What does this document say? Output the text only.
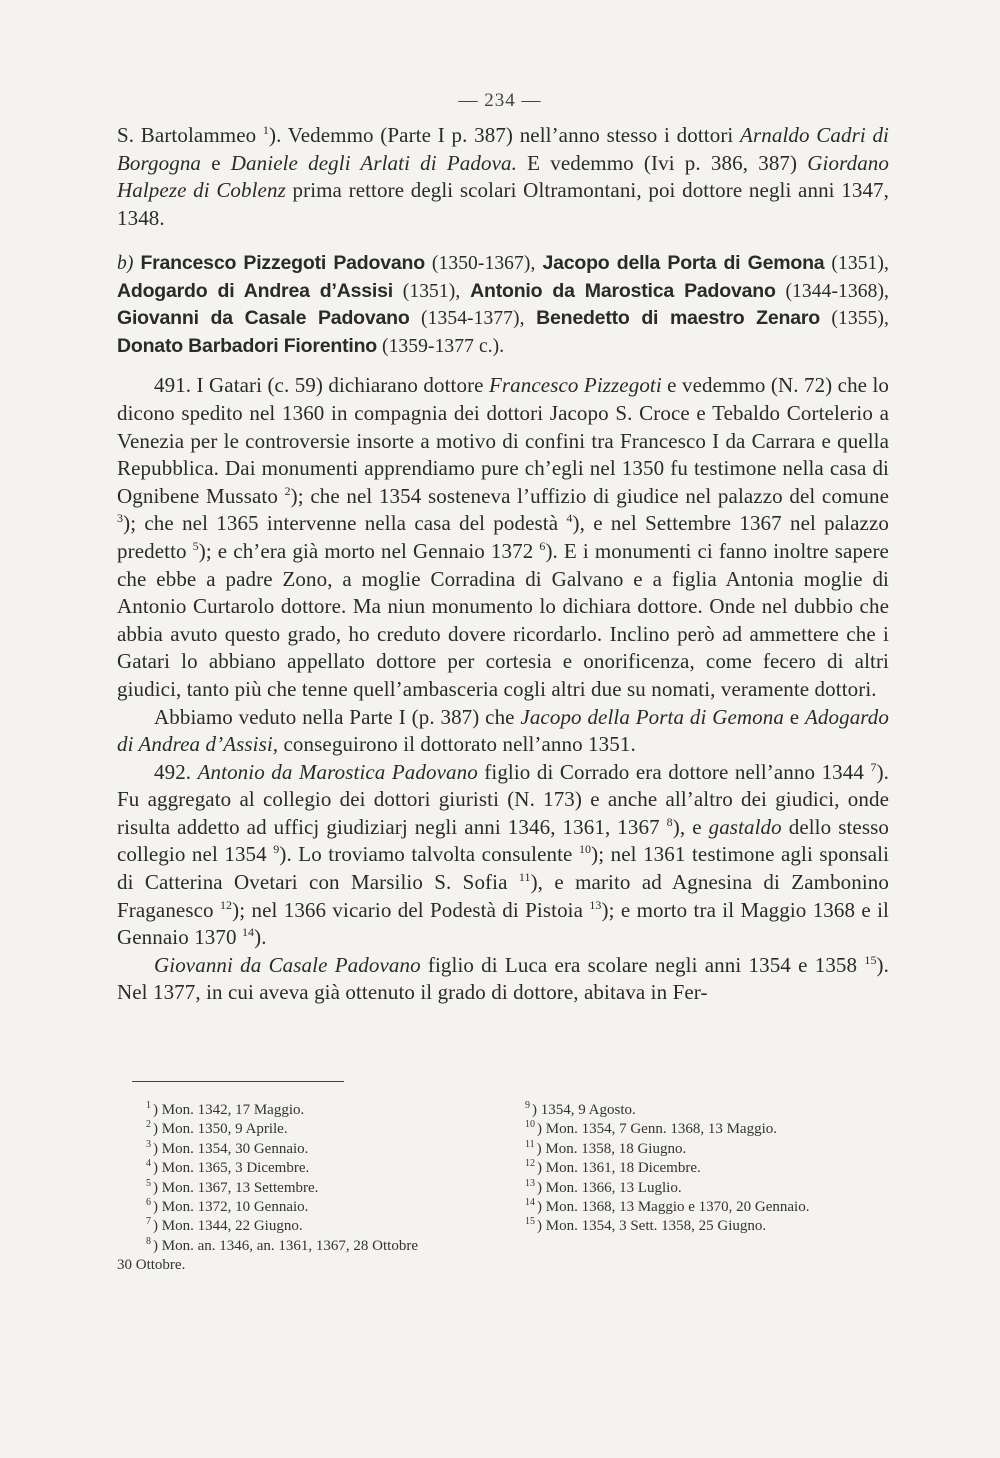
— 234 —

S. Bartolammeo $^1$). Vedemmo (Parte I p. 387) nell’anno stesso i dottori Arnaldo Cadri di Borgogna e Daniele degli Arlati di Padova. E vedemmo (Ivi p. 386, 387) Giordano Halpeze di Coblenz prima rettore degli scolari Oltramontani, poi dottore negli anni 1347, 1348.

b) Francesco Pizzegoti Padovano (1350-1367), Jacopo della Porta di Gemona (1351), Adogardo di Andrea d’Assisi (1351), Antonio da Marostica Padovano (1344-1368), Giovanni da Casale Padovano (1354-1377), Benedetto di maestro Zenaro (1355), Donato Barbadori Fiorentino (1359-1377 c.).

491. I Gatari (c. 59) dichiarano dottore Francesco Pizzegoti e vedemmo (N. 72) che lo dicono spedito nel 1360 in compagnia dei dottori Jacopo S. Croce e Tebaldo Cortelerio a Venezia per le controversie insorte a motivo di confini tra Francesco I da Carrara e quella Repubblica. Dai monumenti apprendiamo pure ch’egli nel 1350 fu testimone nella casa di Ognibene Mussato $^2$); che nel 1354 sosteneva l’uffizio di giudice nel palazzo del comune $^3$); che nel 1365 intervenne nella casa del podestà $^4$), e nel Settembre 1367 nel palazzo predetto $^5$); e ch’era già morto nel Gennaio 1372 $^6$). E i monumenti ci fanno inoltre sapere che ebbe a padre Zono, a moglie Corradina di Galvano e a figlia Antonia moglie di Antonio Curtarolo dottore. Ma niun monumento lo dichiara dottore. Onde nel dubbio che abbia avuto questo grado, ho creduto dovere ricordarlo. Inclino però ad ammettere che i Gatari lo abbiano appellato dottore per cortesia e onorificenza, come fecero di altri giudici, tanto più che tenne quell’ambasceria cogli altri due su nomati, veramente dottori.

Abbiamo veduto nella Parte I (p. 387) che Jacopo della Porta di Gemona e Adogardo di Andrea d’Assisi, conseguirono il dottorato nell’anno 1351.

492. Antonio da Marostica Padovano figlio di Corrado era dottore nell’anno 1344 $^7$). Fu aggregato al collegio dei dottori giuristi (N. 173) e anche all’altro dei giudici, onde risulta addetto ad ufficj giudiziarj negli anni 1346, 1361, 1367 $^8$), e gastaldo dello stesso collegio nel 1354 $^9$). Lo troviamo talvolta consulente $^{10}$); nel 1361 testimone agli sponsali di Catterina Ovetari con Marsilio S. Sofia $^{11}$), e marito ad Agnesina di Zambonino Fraganesco $^{12}$); nel 1366 vicario del Podestà di Pistoia $^{13}$); e morto tra il Maggio 1368 e il Gennaio 1370 $^{14}$).

Giovanni da Casale Padovano figlio di Luca era scolare negli anni 1354 e 1358 $^{15}$). Nel 1377, in cui aveva già ottenuto il grado di dottore, abitava in Fer-

$^1$ ) Mon. 1342, 17 Maggio.

$^2$ ) Mon. 1350, 9 Aprile.

$^3$ ) Mon. 1354, 30 Gennaio.

$^4$ ) Mon. 1365, 3 Dicembre.

$^5$ ) Mon. 1367, 13 Settembre.

$^6$ ) Mon. 1372, 10 Gennaio.

$^7$ ) Mon. 1344, 22 Giugno.

$^8$ ) Mon. an. 1346, an. 1361, 1367, 28 Ottobre

30 Ottobre.

$^9$ ) 1354, 9 Agosto.

$^{10}$ ) Mon. 1354, 7 Genn. 1368, 13 Maggio.

$^{11}$ ) Mon. 1358, 18 Giugno.

$^{12}$ ) Mon. 1361, 18 Dicembre.

$^{13}$ ) Mon. 1366, 13 Luglio.

$^{14}$ ) Mon. 1368, 13 Maggio e 1370, 20 Gennaio.

$^{15}$ ) Mon. 1354, 3 Sett. 1358, 25 Giugno.
